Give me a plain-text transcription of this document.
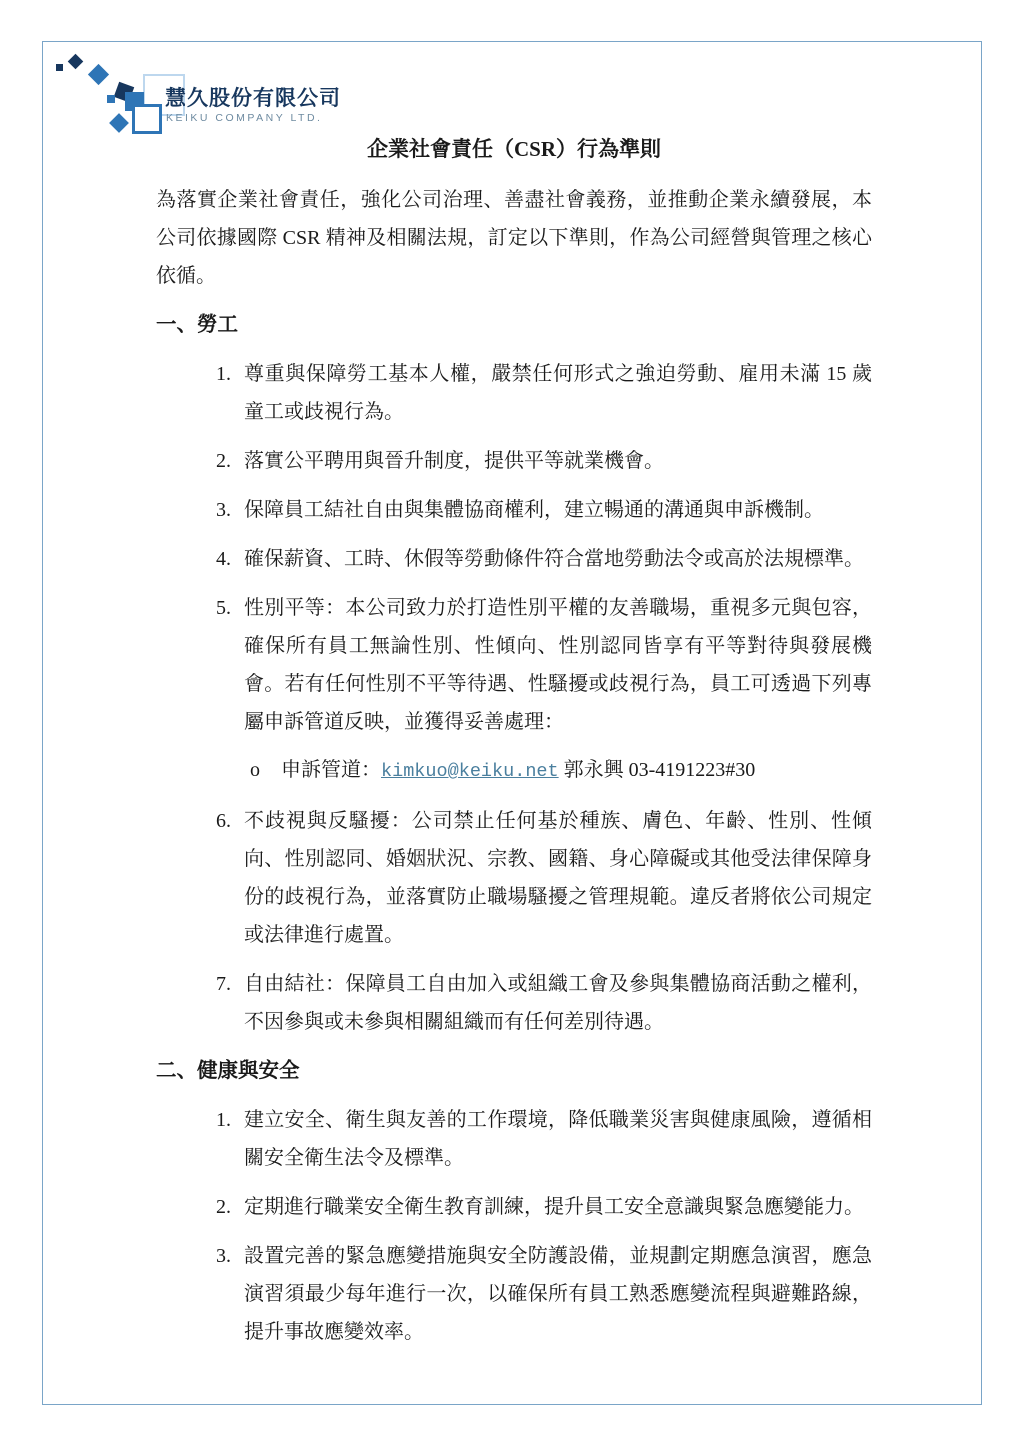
慧久股份有限公司
KEIKU COMPANY LTD.
企業社會責任（CSR）行為準則
為落實企業社會責任，強化公司治理、善盡社會義務，並推動企業永續發展，本公司依據國際 CSR 精神及相關法規，訂定以下準則，作為公司經營與管理之核心依循。
一、勞工
1. 尊重與保障勞工基本人權，嚴禁任何形式之強迫勞動、雇用未滿 15 歲童工或歧視行為。
2. 落實公平聘用與晉升制度，提供平等就業機會。
3. 保障員工結社自由與集體協商權利，建立暢通的溝通與申訴機制。
4. 確保薪資、工時、休假等勞動條件符合當地勞動法令或高於法規標準。
5. 性別平等：本公司致力於打造性別平權的友善職場，重視多元與包容，確保所有員工無論性別、性傾向、性別認同皆享有平等對待與發展機會。若有任何性別不平等待遇、性騷擾或歧視行為，員工可透過下列專屬申訴管道反映，並獲得妥善處理：
o 申訴管道：kimkuo@keiku.net 郭永興 03-4191223#30
6. 不歧視與反騷擾：公司禁止任何基於種族、膚色、年齡、性別、性傾向、性別認同、婚姻狀況、宗教、國籍、身心障礙或其他受法律保障身份的歧視行為，並落實防止職場騷擾之管理規範。違反者將依公司規定或法律進行處置。
7. 自由結社：保障員工自由加入或組織工會及參與集體協商活動之權利，不因參與或未參與相關組織而有任何差別待遇。
二、健康與安全
1. 建立安全、衛生與友善的工作環境，降低職業災害與健康風險，遵循相關安全衛生法令及標準。
2. 定期進行職業安全衛生教育訓練，提升員工安全意識與緊急應變能力。
3. 設置完善的緊急應變措施與安全防護設備，並規劃定期應急演習，應急演習須最少每年進行一次，以確保所有員工熟悉應變流程與避難路線，提升事故應變效率。
